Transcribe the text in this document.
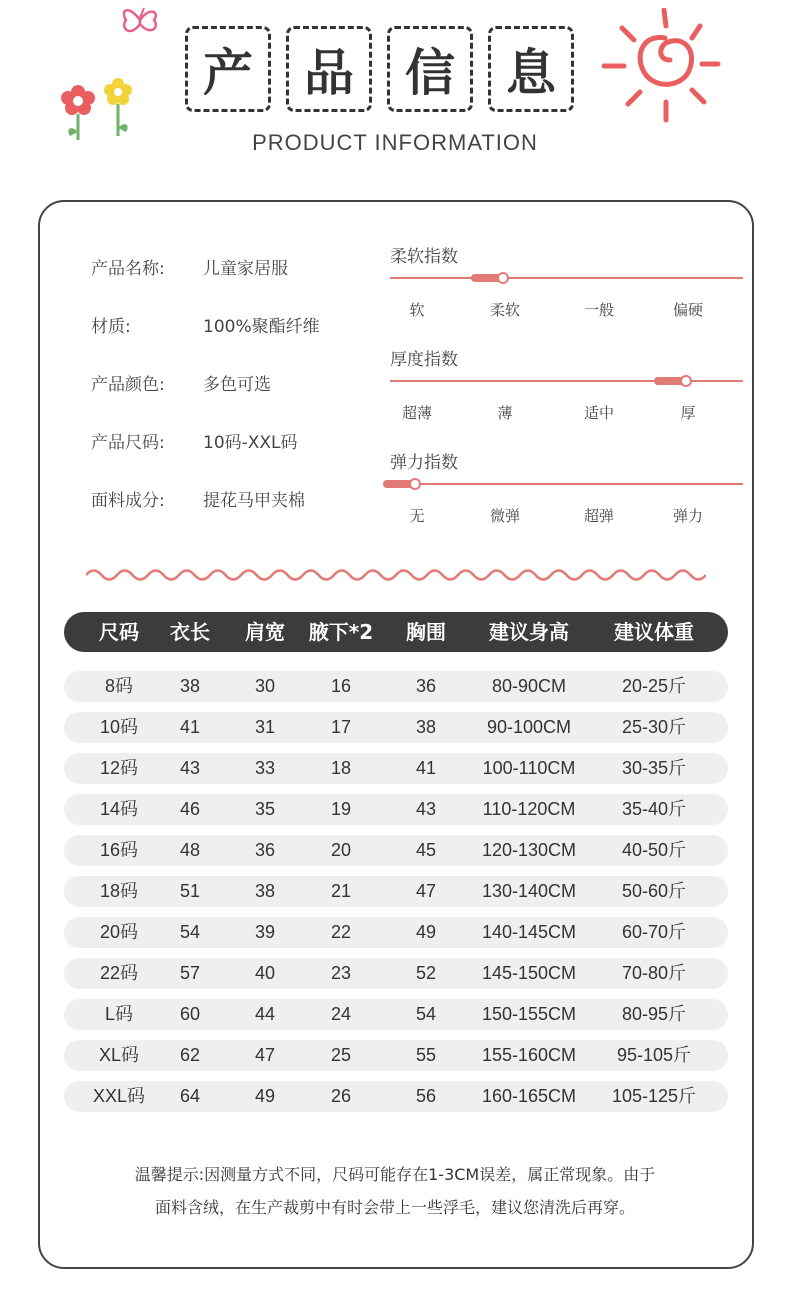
产	品	信	息
PRODUCT INFORMATION
产品名称: 儿童家居服
材质:	100%聚酯纤维
产品颜色: 多色可选
产品尺码: 10码-XXL码
面料成分: 提花马甲夹棉
柔软指数
软	柔软	一般	偏硬
厚度指数
超薄	薄	适中	厚
弹力指数
无	微弹	超弹	弹力
尺码	衣长	肩宽	腋下*2	胸围	建议身高	建议体重
8码	38	30	16	36	80-90CM	20-25斤
10码	41	31	17	38	90-100CM	25-30斤
12码	43	33	18	41	100-110CM	30-35斤
14码	46	35	19	43	110-120CM	35-40斤
16码	48	36	20	45	120-130CM	40-50斤
18码	51	38	21	47	130-140CM	50-60斤
20码	54	39	22	49	140-145CM	60-70斤
22码	57	40	23	52	145-150CM	70-80斤
L码	60	44	24	54	150-155CM	80-95斤
XL码	62	47	25	55	155-160CM	95-105斤
XXL码	64	49	26	56	160-165CM	105-125斤
温馨提示:因测量方式不同，尺码可能存在1-3CM误差，属正常现象。由于
面料含绒，在生产裁剪中有时会带上一些浮毛，建议您清洗后再穿。
